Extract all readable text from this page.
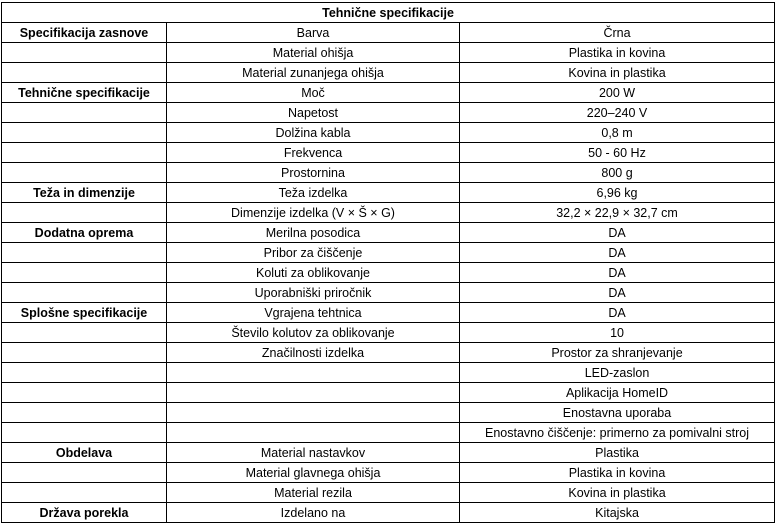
Tehnične specifikacije		
Specifikacija zasnove	Barva	Črna
	Material ohišja	Plastika in kovina
	Material zunanjega ohišja	Kovina in plastika
Tehnične specifikacije	Moč	200 W
	Napetost	220–240 V
	Dolžina kabla	0,8 m
	Frekvenca	50 - 60 Hz
	Prostornina	800 g
Teža in dimenzije	Teža izdelka	6,96 kg
	Dimenzije izdelka (V × Š × G)	32,2 × 22,9 × 32,7 cm
Dodatna oprema	Merilna posodica	DA
	Pribor za čiščenje	DA
	Koluti za oblikovanje	DA
	Uporabniški priročnik	DA
Splošne specifikacije	Vgrajena tehtnica	DA
	Število kolutov za oblikovanje	10
	Značilnosti izdelka	Prostor za shranjevanje
		LED-zaslon
		Aplikacija HomeID
		Enostavna uporaba
		Enostavno čiščenje: primerno za pomivalni stroj
Obdelava	Material nastavkov	Plastika
	Material glavnega ohišja	Plastika in kovina
	Material rezila	Kovina in plastika
Država porekla	Izdelano na	Kitajska
